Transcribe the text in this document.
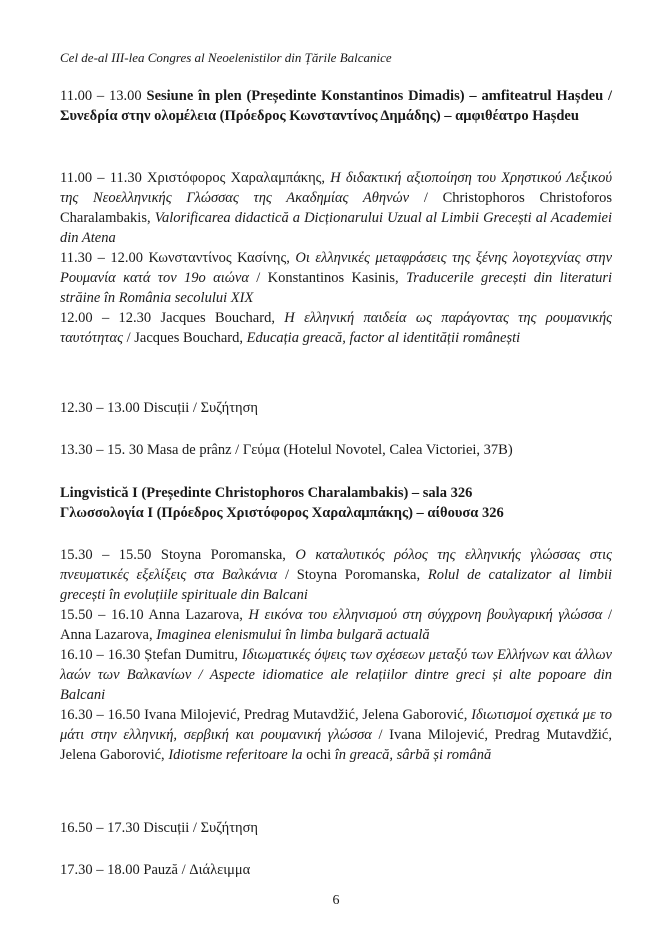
Cel de-al III-lea Congres al Neoelenistilor din Țările Balcanice
11.00 – 13.00 Sesiune în plen (Președinte Konstantinos Dimadis) – amfiteatrul Hașdeu / Συνεδρία στην ολομέλεια (Πρόεδρος Κωνσταντίνος Δημάδης) – αμφιθέατρο Hașdeu
11.00 – 11.30 Χριστόφορος Χαραλαμπάκης, Η διδακτική αξιοποίηση του Χρηστικού Λεξικού της Νεοελληνικής Γλώσσας της Ακαδημίας Αθηνών / Christophoros Christoforos Charalambakis, Valorificarea didactică a Dicționarului Uzual al Limbii Grecești al Academiei din Atena
11.30 – 12.00 Κωνσταντίνος Κασίνης, Οι ελληνικές μεταφράσεις της ξένης λογοτεχνίας στην Ρουμανία κατά τον 19ο αιώνα / Konstantinos Kasinis, Traducerile grecești din literaturi străine în România secolului XIX
12.00 – 12.30 Jacques Bouchard, Η ελληνική παιδεία ως παράγοντας της ρουμανικής ταυτότητας / Jacques Bouchard, Educația greacă, factor al identității românești
12.30 – 13.00 Discuții / Συζήτηση
13.30 – 15. 30 Masa de prânz / Γεύμα (Hotelul Novotel, Calea Victoriei, 37B)
Lingvistică I (Președinte Christophoros Charalambakis) – sala 326
Γλωσσολογία Ι (Πρόεδρος Χριστόφορος Χαραλαμπάκης) – αίθουσα 326
15.30 – 15.50 Stoyna Poromanska, Ο καταλυτικός ρόλος της ελληνικής γλώσσας στις πνευματικές εξελίξεις στα Βαλκάνια / Stoyna Poromanska, Rolul de catalizator al limbii grecești în evoluțiile spirituale din Balcani
15.50 – 16.10 Anna Lazarova, Η εικόνα του ελληνισμού στη σύγχρονη βουλγαρική γλώσσα / Anna Lazarova, Imaginea elenismului în limba bulgară actuală
16.10 – 16.30 Ștefan Dumitru, Ιδιωματικές όψεις των σχέσεων μεταξύ των Ελλήνων και άλλων λαών των Βαλκανίων / Aspecte idiomatice ale relațiilor dintre greci și alte popoare din Balcani
16.30 – 16.50 Ivana Milojević, Predrag Mutavdžić, Jelena Gaborović, Ιδιωτισμοί σχετικά με το μάτι στην ελληνική, σερβική και ρουμανική γλώσσα / Ivana Milojević, Predrag Mutavdžić, Jelena Gaborović, Idiotisme referitoare la ochi în greacă, sârbă și română
16.50 – 17.30 Discuții / Συζήτηση
17.30 – 18.00 Pauză / Διάλειμμα
6
